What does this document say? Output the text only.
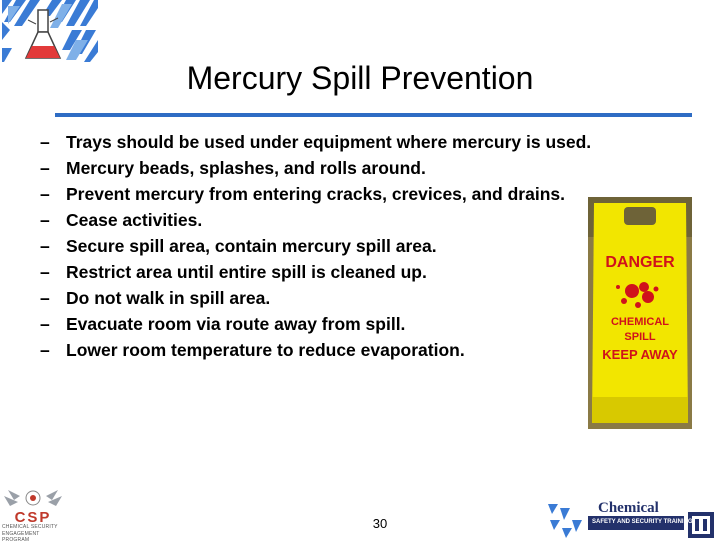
Mercury Spill Prevention
– Trays should be used under equipment where mercury is used.
– Mercury beads, splashes, and rolls around.
– Prevent mercury from entering cracks, crevices, and drains.
– Cease activities.
– Secure spill area, contain mercury spill area.
– Restrict area until entire spill is cleaned up.
– Do not walk in spill area.
– Evacuate room via route away from spill.
– Lower room temperature to reduce evaporation.
DANGER
CHEMICAL
SPILL
KEEP AWAY
30
CSP
CHEMICAL SECURITY
ENGAGEMENT PROGRAM
Chemical
SAFETY AND SECURITY TRAINING
